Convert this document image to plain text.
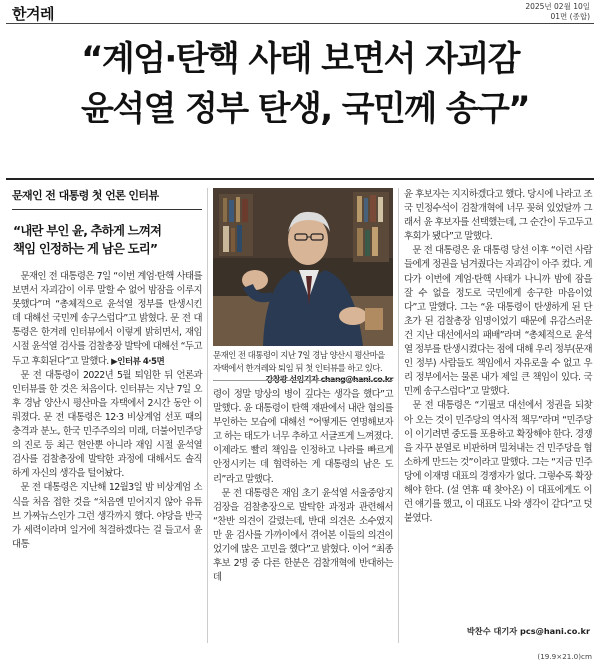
한겨레	2025년 02월 10일
01면 (종합)
“계엄·탄핵 사태 보면서 자괴감
윤석열 정부 탄생, 국민께 송구”
문재인 전 대통령 첫 언론 인터뷰
“내란 부인 윤, 추하게 느껴져
책임 인정하는 게 남은 도리”

문재인 전 대통령은 7일 “이번 계엄·탄핵 사태를 보면서 자괴감이 이루 말할 수 없어 밤잠을 이루지 못했다”며 “총체적으로 윤석열 정부를 탄생시킨 데 대해선 국민께 송구스럽다”고 밝혔다. 문 전 대통령은 한겨레 인터뷰에서 이렇게 밝히면서, 재임 시절 윤석열 검사를 검찰총장 발탁에 대해선 “두고두고 후회된다”고 말했다. ▶인터뷰 4·5면

문 전 대통령이 2022년 5월 퇴임한 뒤 언론과 인터뷰를 한 것은 처음이다. 인터뷰는 지난 7일 오후 경남 양산시 평산마을 자택에서 2시간 동안 이뤄졌다. 문 전 대통령은 12·3 비상계엄 선포 때의 충격과 분노, 한국 민주주의의 미래, 더불어민주당의 진로 등 최근 현안뿐 아니라 재임 시절 윤석열 검사를 검찰총장에 발탁한 과정에 대해서도 솔직하게 자신의 생각을 털어놨다.

문 전 대통령은 지난해 12월3일 밤 비상계엄 소식을 처음 접한 것을 “처음엔 믿어지지 않아 유튜브 가짜뉴스인가 그런 생각까지 했다. 야당을 반국가 세력이라며 일거에 척결하겠다는 걸 들고서 윤 대통

문재인 전 대통령이 지난 7일 경남 양산시 평산마을 자택에서 한겨레와 퇴임 뒤 첫 인터뷰를 하고 있다.

령이 정말 망상의 병이 깊다는 생각을 했다”고 말했다. 윤 대통령이 탄핵 재판에서 내란 혐의를 부인하는 모습에 대해선 “어떻게든 연명해보자고 하는 태도가 너무 추하고 서글프게 느껴졌다. 이제라도 빨리 책임을 인정하고 나라를 빠르게 안정시키는 데 협력하는 게 대통령의 남은 도리”라고 말했다.

문 전 대통령은 재임 초기 윤석열 서울중앙지검장을 검찰총장으로 발탁한 과정과 관련해서 “찬반 의견이 갈렸는데, 반대 의견은 소수였지만 윤 검사를 가까이에서 겪어본 이들의 의견이었기에 많은 고민을 했다”고 밝혔다. 이어 “최종 후보 2명 중 다른 한분은 검찰개혁에 반대하는데

윤 후보자는 지지하겠다고 했다. 당시에 나라고 조국 민정수석이 검찰개혁에 너무 꽂혀 있었달까 그래서 윤 후보자를 선택했는데, 그 순간이 두고두고 후회가 됐다”고 말했다.

문 전 대통령은 윤 대통령 당선 이후 “이런 사람들에게 정권을 넘겨줬다는 자괴감이 아주 컸다. 게다가 이번에 계엄·탄핵 사태가 나니까 밤에 잠을 잘 수 없을 정도로 국민에게 송구한 마음이었다”고 말했다. 그는 “윤 대통령이 탄생하게 된 단초가 된 검찰총장 임명이었기 때문에 유감스러운 건 지난 대선에서의 패배”라며 “총체적으로 윤석열 정부를 탄생시켰다는 점에 대해 우리 정부(문재인 정부) 사람들도 책임에서 자유로울 수 없고 우리 정부에서는 물론 내가 제일 큰 책임이 있다. 국민께 송구스럽다”고 말했다.

문 전 대통령은 “기필코 대선에서 정권을 되찾아 오는 것이 민주당의 역사적 책무”라며 “민주당이 이기려면 중도를 포용하고 확장해야 한다. 경쟁을 자꾸 분열로 비판하며 밀쳐내는 건 민주당을 협소하게 만드는 것”이라고 말했다. 그는 “지금 민주당에 이재명 대표의 경쟁자가 없다. 그렇수록 확장해야 한다. (설 연휴 때 찾아온) 이 대표에게도 이런 얘기를 했고, 이 대표도 나와 생각이 같다”고 덧붙였다.

박찬수 대기자 pcs@hani.co.kr
(19.9×21.0)cm
